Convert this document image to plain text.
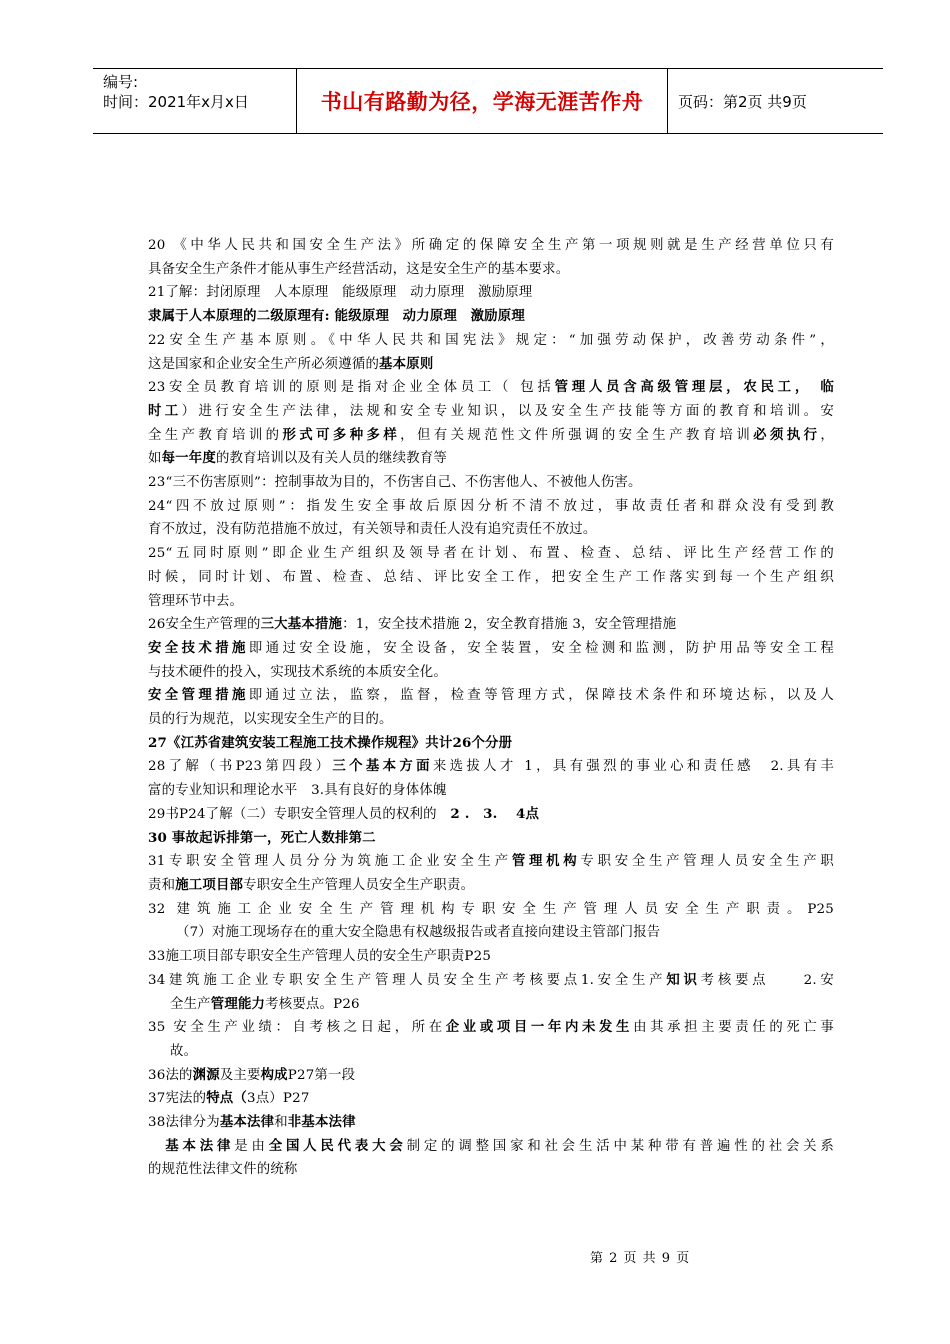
编号:
时间：2021年x月x日	书山有路勤为径，学海无涯苦作舟	页码：第2页 共9页
20 《中华人民共和国安全生产法》所确定的保障安全生产第一项规则就是生产经营单位只有
具备安全生产条件才能从事生产经营活动，这是安全生产的基本要求。
21了解：封闭原理　人本原理　能级原理　动力原理　激励原理
隶属于人本原理的二级原理有: 能级原理　动力原理　激励原理
22安全生产基本原则。《中华人民共和国宪法》规定：“加强劳动保护，改善劳动条件”，
这是国家和企业安全生产所必须遵循的基本原则
23安全员教育培训的原则是指对企业全体员工（ 包括管理人员含高级管理层，农民工， 临
时工）进行安全生产法律，法规和安全专业知识，以及安全生产技能等方面的教育和培训。安
全生产教育培训的形式可多种多样，但有关规范性文件所强调的安全生产教育培训必须执行，
如每一年度的教育培训以及有关人员的继续教育等
23“三不伤害原则”：控制事故为目的，不伤害自己、不伤害他人、不被他人伤害。
24“四不放过原则”：指发生安全事故后原因分析不清不放过，事故责任者和群众没有受到教
育不放过，没有防范措施不放过，有关领导和责任人没有追究责任不放过。
25“五同时原则”即企业生产组织及领导者在计划、布置、检查、总结、评比生产经营工作的
时候，同时计划、布置、检查、总结、评比安全工作，把安全生产工作落实到每一个生产组织
管理环节中去。
26安全生产管理的三大基本措施：1，安全技术措施 2，安全教育措施 3，安全管理措施
安全技术措施即通过安全设施，安全设备，安全装置，安全检测和监测，防护用品等安全工程
与技术硬件的投入，实现技术系统的本质安全化。
安全管理措施即通过立法，监察，监督，检查等管理方式，保障技术条件和环境达标，以及人
员的行为规范，以实现安全生产的目的。
27《江苏省建筑安装工程施工技术操作规程》共计26个分册
28了解（书P23第四段）三个基本方面来选拔人才 1，具有强烈的事业心和责任感　2.具有丰
富的专业知识和理论水平　3.具有良好的身体体魄
29书P24了解（二）专职安全管理人员的权利的　2 .　3.　 4点
30 事故起诉排第一，死亡人数排第二
31专职安全管理人员分分为筑施工企业安全生产管理机构专职安全生产管理人员安全生产职
责和施工项目部专职安全生产管理人员安全生产职责。
32 建筑施工企业安全生产管理机构专职安全生产管理人员安全生产职责。P25
（7）对施工现场存在的重大安全隐患有权越级报告或者直接向建设主管部门报告
33施工项目部专职安全生产管理人员的安全生产职责P25
34建筑施工企业专职安全生产管理人员安全生产考核要点1.安全生产知识考核要点　　2.安
全生产管理能力考核要点。P26
35 安全生产业绩：自考核之日起，所在企业或项目一年内未发生由其承担主要责任的死亡事
故。
36法的渊源及主要构成P27第一段
37宪法的特点（3点）P27
38法律分为基本法律和非基本法律
　基本法律是由全国人民代表大会制定的调整国家和社会生活中某种带有普遍性的社会关系
的规范性法律文件的统称
第 2 页 共 9 页
